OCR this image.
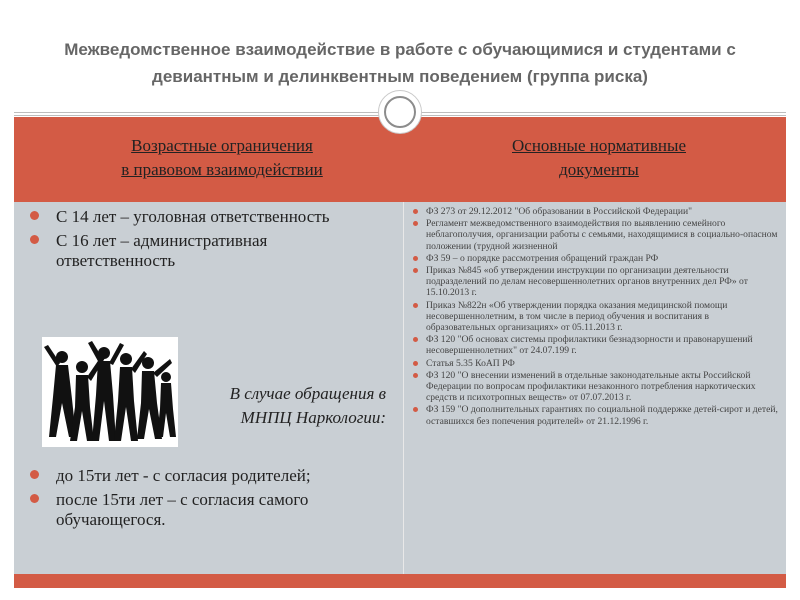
Межведомственное взаимодействие в работе с обучающимися и студентами с девиантным и делинквентным поведением (группа риска)
Возрастные ограничения
в правовом взаимодействии
Основные нормативные
документы
С 14 лет – уголовная ответственность
С 16 лет – административная ответственность
В случае обращения в МНПЦ Наркологии:
до 15ти лет - с согласия родителей;
после 15ти лет – с согласия самого обучающегося.
ФЗ 273 от 29.12.2012 "Об образовании в Российской Федерации"
Регламент межведомственного взаимодействия по выявлению семейного неблагополучия, организации работы с семьями, находящимися в социально-опасном положении (трудной жизненной
ФЗ 59 – о порядке рассмотрения обращений граждан РФ
Приказ №845 «об утверждении инструкции по организации деятельности подразделений по делам несовершеннолетних органов внутренних дел РФ» от 15.10.2013 г.
Приказ №822н «Об утверждении порядка оказания медицинской помощи несовершеннолетним, в том числе в период обучения и воспитания в образовательных организациях» от 05.11.2013 г.
ФЗ 120 "Об основах системы профилактики безнадзорности и правонарушений несовершеннолетних" от 24.07.199 г.
Статья 5.35 КоАП РФ
ФЗ 120 "О внесении изменений в отдельные законодательные акты Российской Федерации по вопросам профилактики незаконного потребления наркотических средств и психотропных веществ» от 07.07.2013 г.
ФЗ 159 "О дополнительных гарантиях по социальной поддержке детей-сирот и детей, оставшихся без попечения родителей» от 21.12.1996 г.
